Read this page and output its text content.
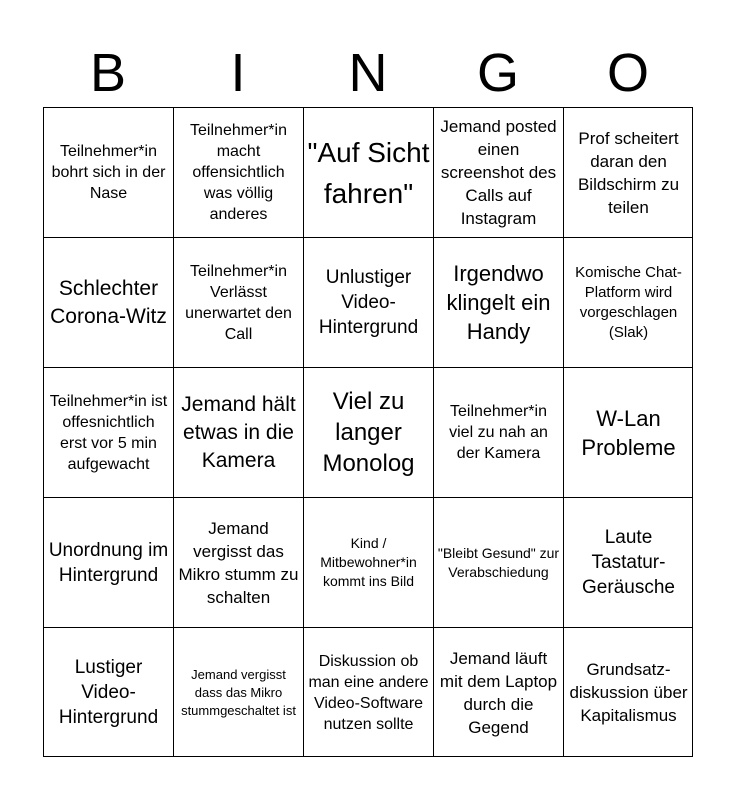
B	I	N	G	O
Teilnehmer*in bohrt sich in der Nase
Teilnehmer*in macht offensichtlich was völlig anderes
"Auf Sicht fahren"
Jemand posted einen screenshot des Calls auf Instagram
Prof scheitert daran den Bildschirm zu teilen
Schlechter Corona-Witz
Teilnehmer*in Verlässt unerwartet den Call
Unlustiger Video-Hintergrund
Irgendwo klingelt ein Handy
Komische Chat-Platform wird vorgeschlagen (Slak)
Teilnehmer*in ist offesnichtlich erst vor 5 min aufgewacht
Jemand hält etwas in die Kamera
Viel zu langer Monolog
Teilnehmer*in viel zu nah an der Kamera
W-Lan Probleme
Unordnung im Hintergrund
Jemand vergisst das Mikro stumm zu schalten
Kind / Mitbewohner*in kommt ins Bild
"Bleibt Gesund" zur Verabschiedung
Laute Tastatur-Geräusche
Lustiger Video-Hintergrund
Jemand vergisst dass das Mikro stummgeschaltet ist
Diskussion ob man eine andere Video-Software nutzen sollte
Jemand läuft mit dem Laptop durch die Gegend
Grundsatz-diskussion über Kapitalismus
